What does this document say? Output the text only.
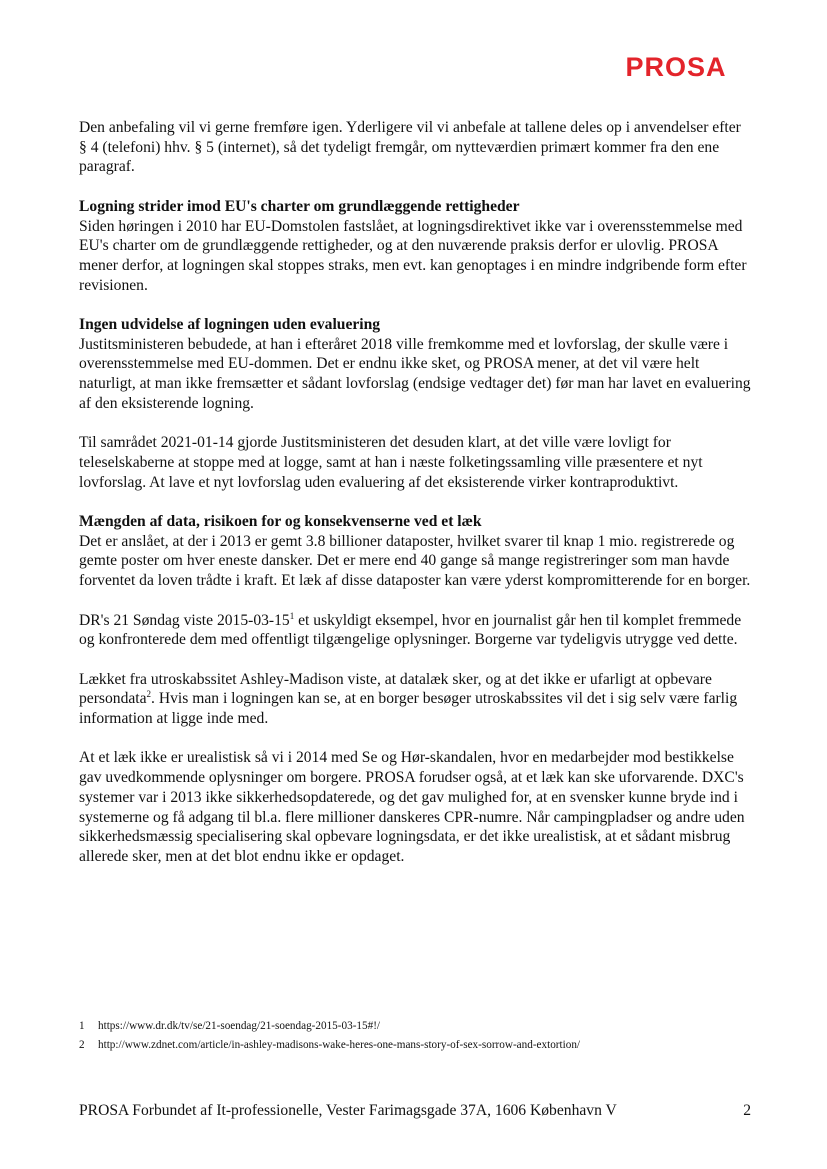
PROSA

Den anbefaling vil vi gerne fremføre igen. Yderligere vil vi anbefale at tallene deles op i anvendelser efter § 4 (telefoni) hhv. § 5 (internet), så det tydeligt fremgår, om nytteværdien primært kommer fra den ene paragraf.

Logning strider imod EU's charter om grundlæggende rettigheder

Siden høringen i 2010 har EU-Domstolen fastslået, at logningsdirektivet ikke var i overensstemmelse med EU's charter om de grundlæggende rettigheder, og at den nuværende praksis derfor er ulovlig. PROSA mener derfor, at logningen skal stoppes straks, men evt. kan genoptages i en mindre indgribende form efter revisionen.

Ingen udvidelse af logningen uden evaluering

Justitsministeren bebudede, at han i efteråret 2018 ville fremkomme med et lovforslag, der skulle være i overensstemmelse med EU-dommen. Det er endnu ikke sket, og PROSA mener, at det vil være helt naturligt, at man ikke fremsætter et sådant lovforslag (endsige vedtager det) før man har lavet en evaluering af den eksisterende logning.

Til samrådet 2021-01-14 gjorde Justitsministeren det desuden klart, at det ville være lovligt for teleselskaberne at stoppe med at logge, samt at han i næste folketingssamling ville præsentere et nyt lovforslag. At lave et nyt lovforslag uden evaluering af det eksisterende virker kontraproduktivt.

Mængden af data, risikoen for og konsekvenserne ved et læk

Det er anslået, at der i 2013 er gemt 3.8 billioner dataposter, hvilket svarer til knap 1 mio. registrerede og gemte poster om hver eneste dansker. Det er mere end 40 gange så mange registreringer som man havde forventet da loven trådte i kraft. Et læk af disse dataposter kan være yderst kompromitterende for en borger.

DR's 21 Søndag viste $2015-03-15^1$ et uskyldigt eksempel, hvor en journalist går hen til komplet fremmede og konfronterede dem med offentligt tilgængelige oplysninger. Borgerne var tydeligvis utrygge ved dette.

Lækket fra utroskabssitet Ashley-Madison viste, at datalæk sker, og at det ikke er ufarligt at opbevare persondata$^2$. Hvis man i logningen kan se, at en borger besøger utroskabssites vil det i sig selv være farlig information at ligge inde med.

At et læk ikke er urealistisk så vi i 2014 med Se og Hør-skandalen, hvor en medarbejder mod bestikkelse gav uvedkommende oplysninger om borgere. PROSA forudser også, at et læk kan ske uforvarende. DXC's systemer var i 2013 ikke sikkerhedsopdaterede, og det gav mulighed for, at en svensker kunne bryde ind i systemerne og få adgang til bl.a. flere millioner danskeres CPR-numre. Når campingpladser og andre uden sikkerhedsmæssig specialisering skal opbevare logningsdata, er det ikke urealistisk, at et sådant misbrug allerede sker, men at det blot endnu ikke er opdaget.

1	https://www.dr.dk/tv/se/21-soendag/21-soendag-2015-03-15#!/
2	http://www.zdnet.com/article/in-ashley-madisons-wake-heres-one-mans-story-of-sex-sorrow-and-extortion/
PROSA Forbundet af It-professionelle, Vester Farimagsgade 37A, 1606 København V	2
